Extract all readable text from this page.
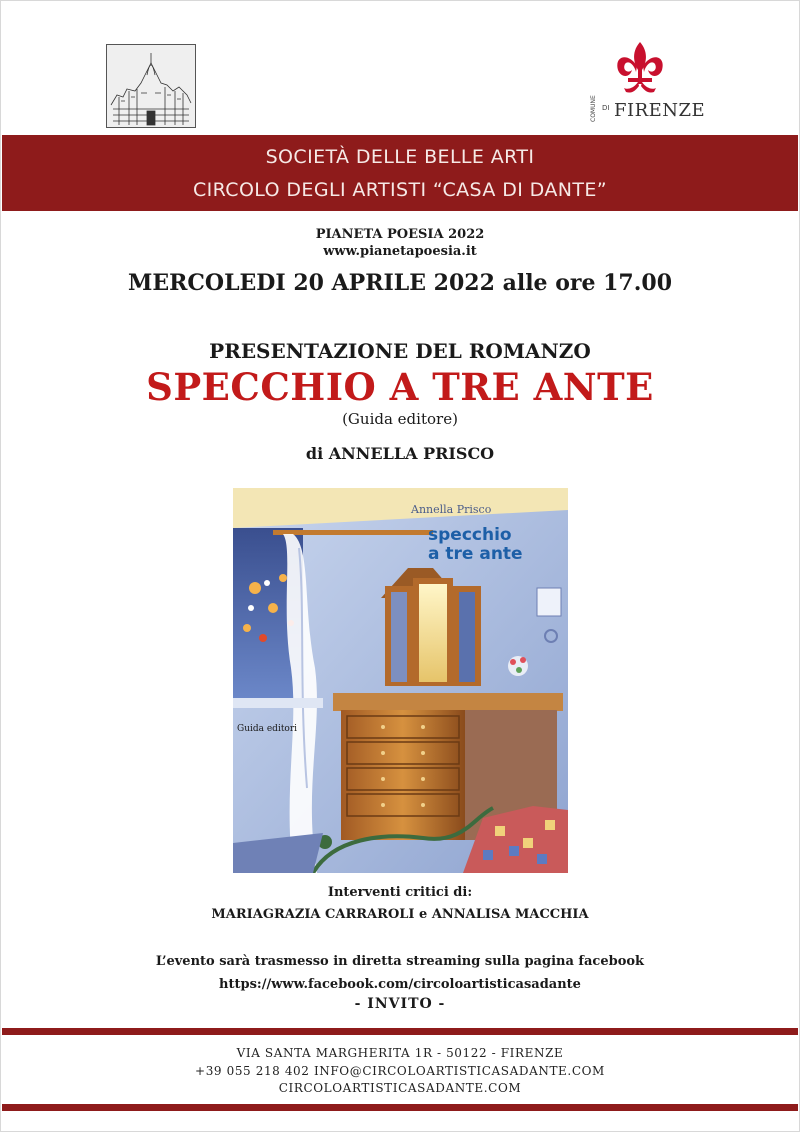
COMUNE DI FIRENZE
SOCIETÀ DELLE BELLE ARTI
CIRCOLO DEGLI ARTISTI “CASA DI DANTE”
PIANETA POESIA 2022
www.pianetapoesia.it
MERCOLEDI 20 APRILE 2022 alle ore 17.00
PRESENTAZIONE DEL ROMANZO
SPECCHIO A TRE ANTE
(Guida editore)
di ANNELLA PRISCO
Annella Prisco
specchio
a tre ante
Guida editori
Interventi critici di:
MARIAGRAZIA CARRAROLI e ANNALISA MACCHIA
L’evento sarà trasmesso in diretta streaming sulla pagina facebook
https://www.facebook.com/circoloartisticasadante
- INVITO -
VIA SANTA MARGHERITA 1R - 50122 - FIRENZE
+39 055 218 402 INFO@CIRCOLOARTISTICASADANTE.COM
CIRCOLOARTISTICASADANTE.COM
